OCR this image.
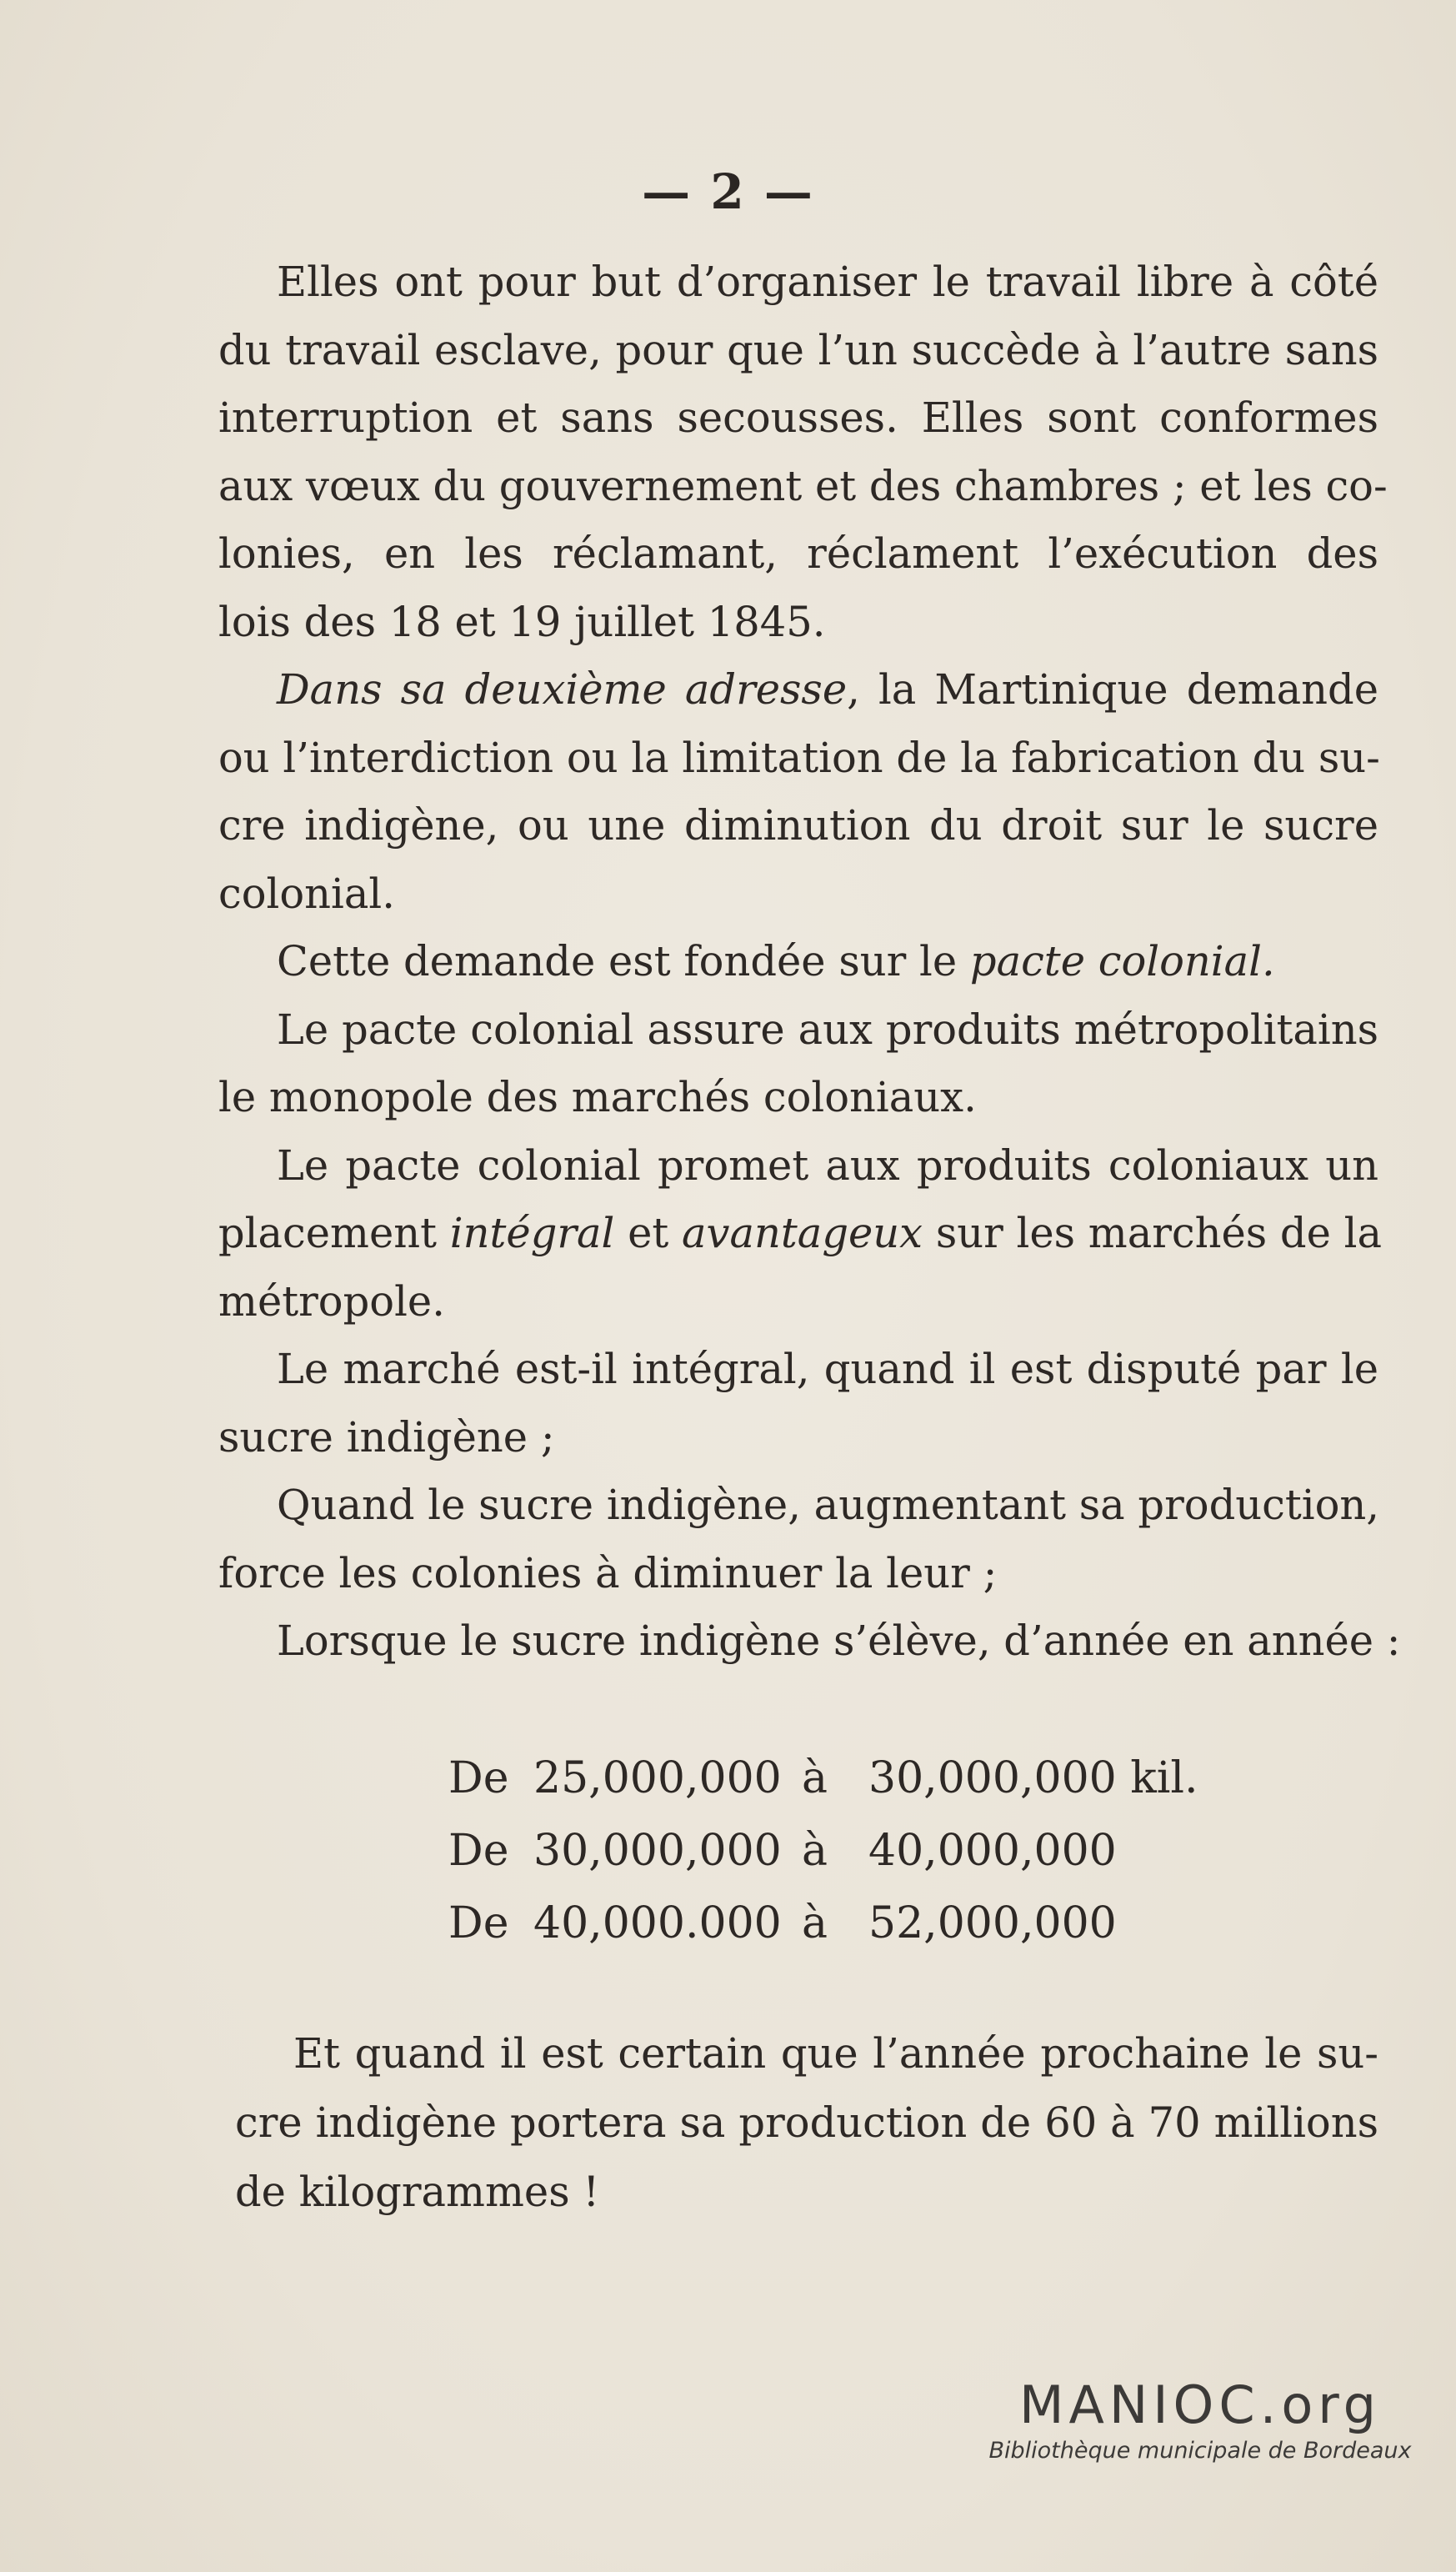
— 2 —

Elles ont pour but d’organiser le travail libre à côté
du travail esclave, pour que l’un succède à l’autre sans
interruption et sans secousses. Elles sont conformes
aux vœux du gouvernement et des chambres ; et les co-
lonies, en les réclamant, réclament l’exécution des
lois des 18 et 19 juillet 1845.

Dans sa deuxième adresse, la Martinique demande
ou l’interdiction ou la limitation de la fabrication du su-
cre indigène, ou une diminution du droit sur le sucre
colonial.

Cette demande est fondée sur le pacte colonial.

Le pacte colonial assure aux produits métropolitains
le monopole des marchés coloniaux.

Le pacte colonial promet aux produits coloniaux un
placement intégral et avantageux sur les marchés de la
métropole.

Le marché est-il intégral, quand il est disputé par le
sucre indigène ;

Quand le sucre indigène, augmentant sa production,
force les colonies à diminuer la leur ;

Lorsque le sucre indigène s’élève, d’année en année :

De 25,000,000 à 30,000,000 kil.
De 30,000,000 à 40,000,000
De 40,000.000 à 52,000,000

Et quand il est certain que l’année prochaine le su-
cre indigène portera sa production de 60 à 70 millions
de kilogrammes !

MANIOC.org
Bibliothèque municipale de Bordeaux
